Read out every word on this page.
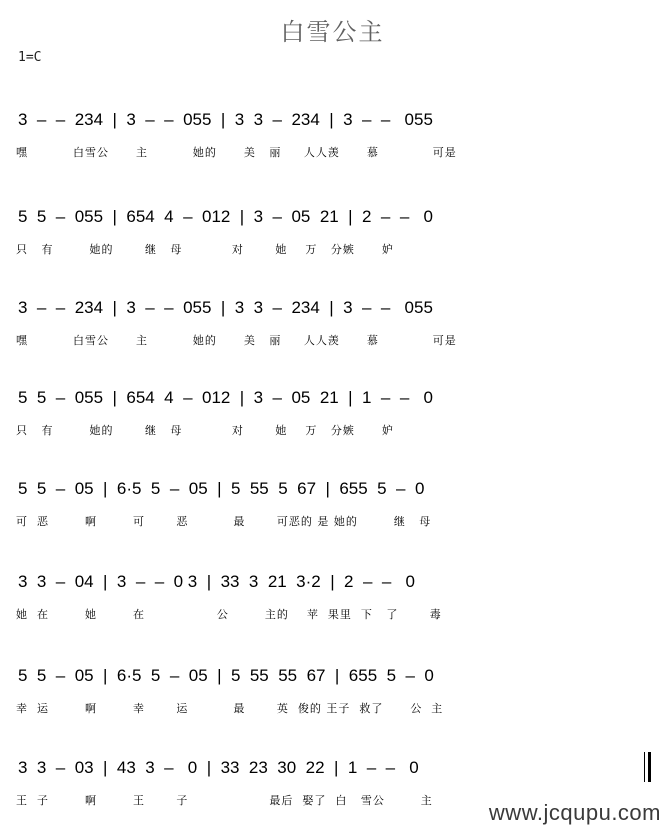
白雪公主
1=C
3  –  –  234  |  3  –  –  055  |  3  3  –  234  |  3  –  –   055
嘿          白雪公      主          她的      美   丽     人人羡      慕            可是
5  5  –  055  |  654  4  –  012  |  3  –  05  21  |  2  –  –   0
只   有        她的       继   母           对       她    万   分嫉      妒
3  –  –  234  |  3  –  –  055  |  3  3  –  234  |  3  –  –   055
嘿          白雪公      主          她的      美   丽     人人羡      慕            可是
5  5  –  055  |  654  4  –  012  |  3  –  05  21  |  1  –  –   0
只   有        她的       继   母           对       她    万   分嫉      妒
5  5  –  05  |  6·5  5  –  05  |  5  55  5  67  |  655  5  –  0
可  恶        啊        可       恶          最       可恶的 是 她的        继   母
3  3  –  04  |  3  –  –  0 3  |  33  3  21  3·2  |  2  –  –   0
她  在        她        在                公        主的    苹  果里  下   了       毒
5  5  –  05  |  6·5  5  –  05  |  5  55  55  67  |  655  5  –  0
幸  运        啊        幸       运          最       英  俊的 王子  救了      公  主
3  3  –  03  |  43  3  –   0  |  33  23  30  22  |  1  –  –   0
王  子        啊        王       子                  最后  娶了  白   雪公        主	www.jcqupu.com
